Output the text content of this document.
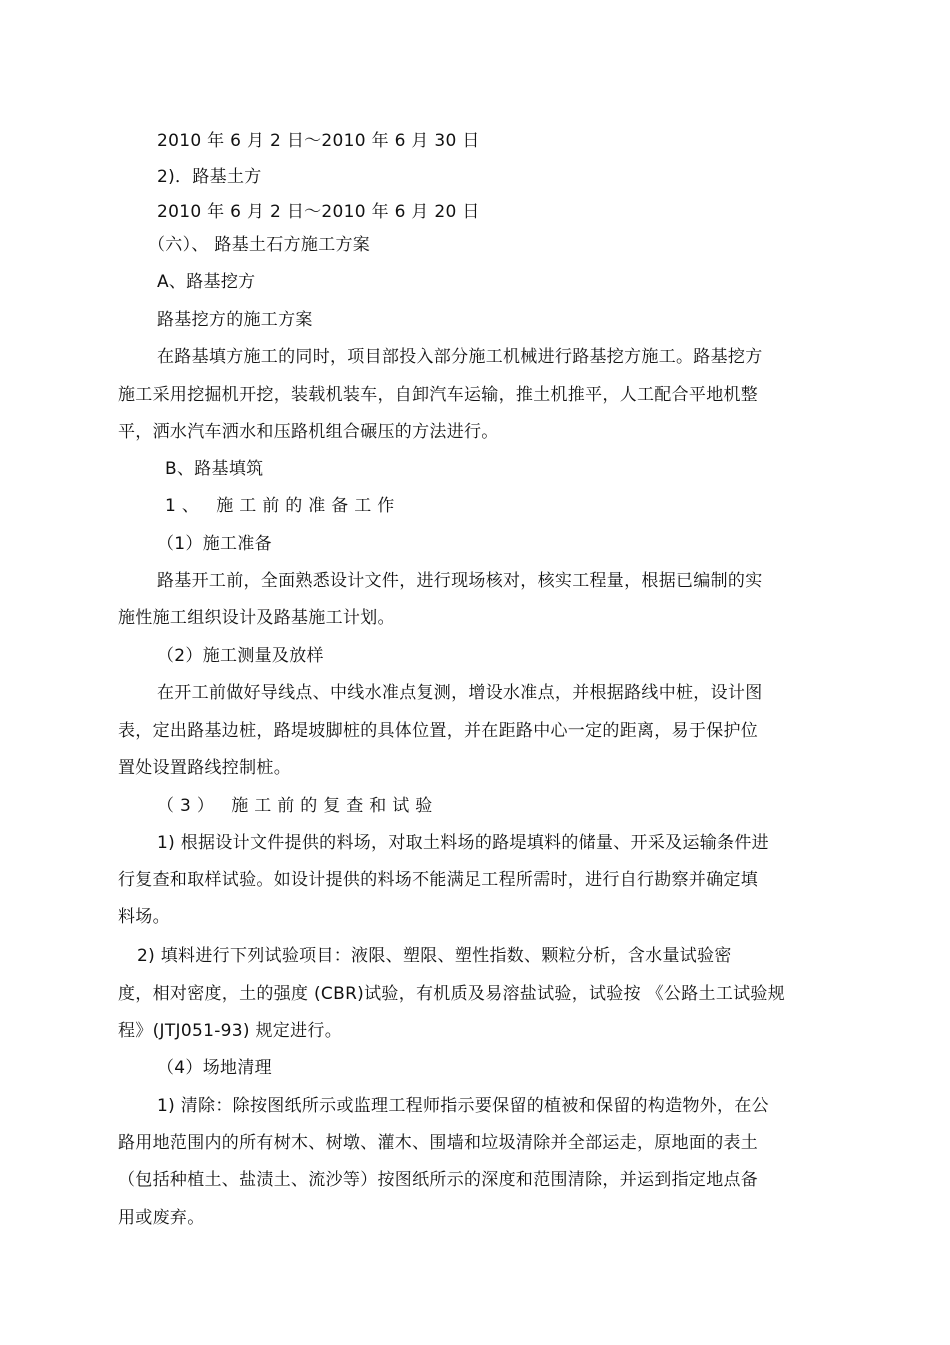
2010 年 6 月 2 日～2010 年 6 月 30 日
2)．路基土方
2010 年 6 月 2 日～2010 年 6 月 20 日
（六）、 路基土石方施工方案
A、路基挖方
路基挖方的施工方案
在路基填方施工的同时，项目部投入部分施工机械进行路基挖方施工。路基挖方
施工采用挖掘机开挖，装载机装车，自卸汽车运输，推土机推平，人工配合平地机整
平，洒水汽车洒水和压路机组合碾压的方法进行。
B、路基填筑
1、 施工前的准备工作
（1）施工准备
路基开工前，全面熟悉设计文件，进行现场核对，核实工程量，根据已编制的实
施性施工组织设计及路基施工计划。
（2）施工测量及放样
在开工前做好导线点、中线水准点复测，增设水准点，并根据路线中桩，设计图
表，定出路基边桩，路堤坡脚桩的具体位置，并在距路中心一定的距离，易于保护位
置处设置路线控制桩。
（3） 施工前的复查和试验
1) 根据设计文件提供的料场，对取土料场的路堤填料的储量、开采及运输条件进
行复查和取样试验。如设计提供的料场不能满足工程所需时，进行自行勘察并确定填
料场。
2) 填料进行下列试验项目：液限、塑限、塑性指数、颗粒分析，含水量试验密
度，相对密度，土的强度 (CBR)试验，有机质及易溶盐试验，试验按 《公路土工试验规
程》(JTJ051-93) 规定进行。
（4）场地清理
1) 清除：除按图纸所示或监理工程师指示要保留的植被和保留的构造物外，在公
路用地范围内的所有树木、树墩、灌木、围墙和垃圾清除并全部运走，原地面的表土
（包括种植土、盐渍土、流沙等）按图纸所示的深度和范围清除，并运到指定地点备
用或废弃。
